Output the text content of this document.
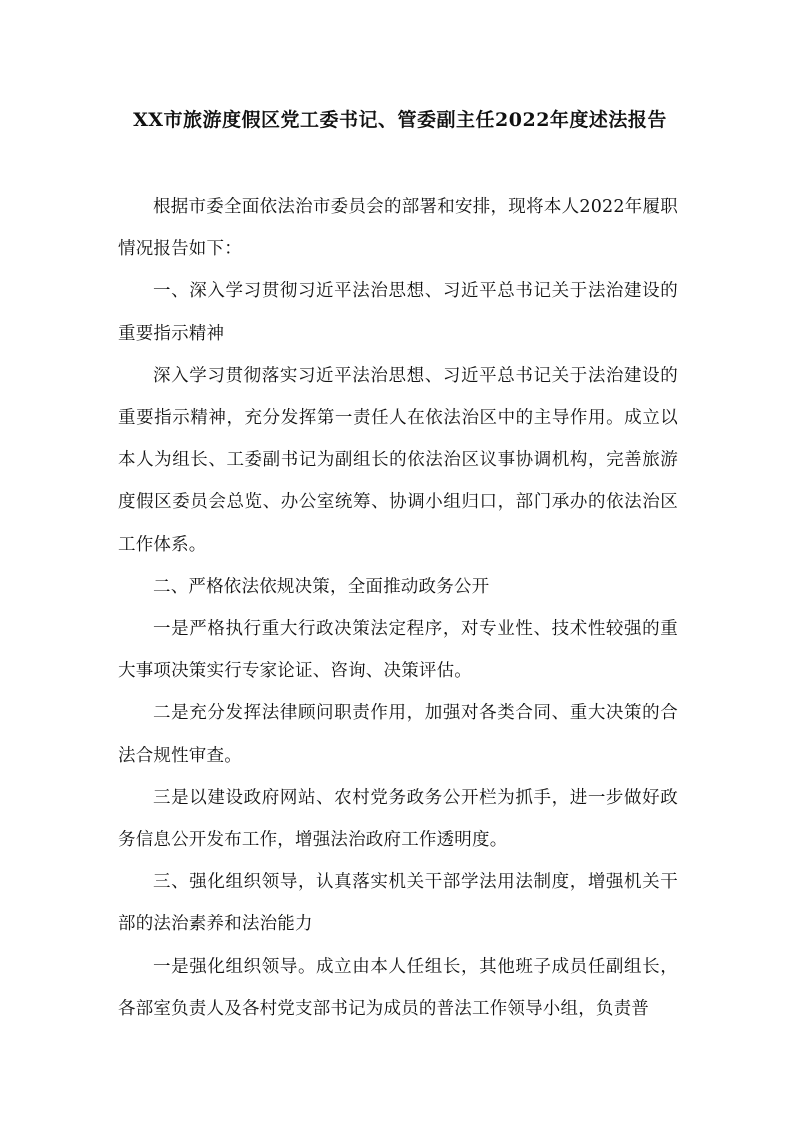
XX市旅游度假区党工委书记、管委副主任2022年度述法报告

根据市委全面依法治市委员会的部署和安排，现将本人2022年履职情况报告如下：

一、深入学习贯彻习近平法治思想、习近平总书记关于法治建设的重要指示精神

深入学习贯彻落实习近平法治思想、习近平总书记关于法治建设的重要指示精神，充分发挥第一责任人在依法治区中的主导作用。成立以本人为组长、工委副书记为副组长的依法治区议事协调机构，完善旅游度假区委员会总览、办公室统筹、协调小组归口，部门承办的依法治区工作体系。

二、严格依法依规决策，全面推动政务公开

一是严格执行重大行政决策法定程序，对专业性、技术性较强的重大事项决策实行专家论证、咨询、决策评估。

二是充分发挥法律顾问职责作用，加强对各类合同、重大决策的合法合规性审查。

三是以建设政府网站、农村党务政务公开栏为抓手，进一步做好政务信息公开发布工作，增强法治政府工作透明度。

三、强化组织领导，认真落实机关干部学法用法制度，增强机关干部的法治素养和法治能力

一是强化组织领导。成立由本人任组长，其他班子成员任副组长，各部室负责人及各村党支部书记为成员的普法工作领导小组，负责普
